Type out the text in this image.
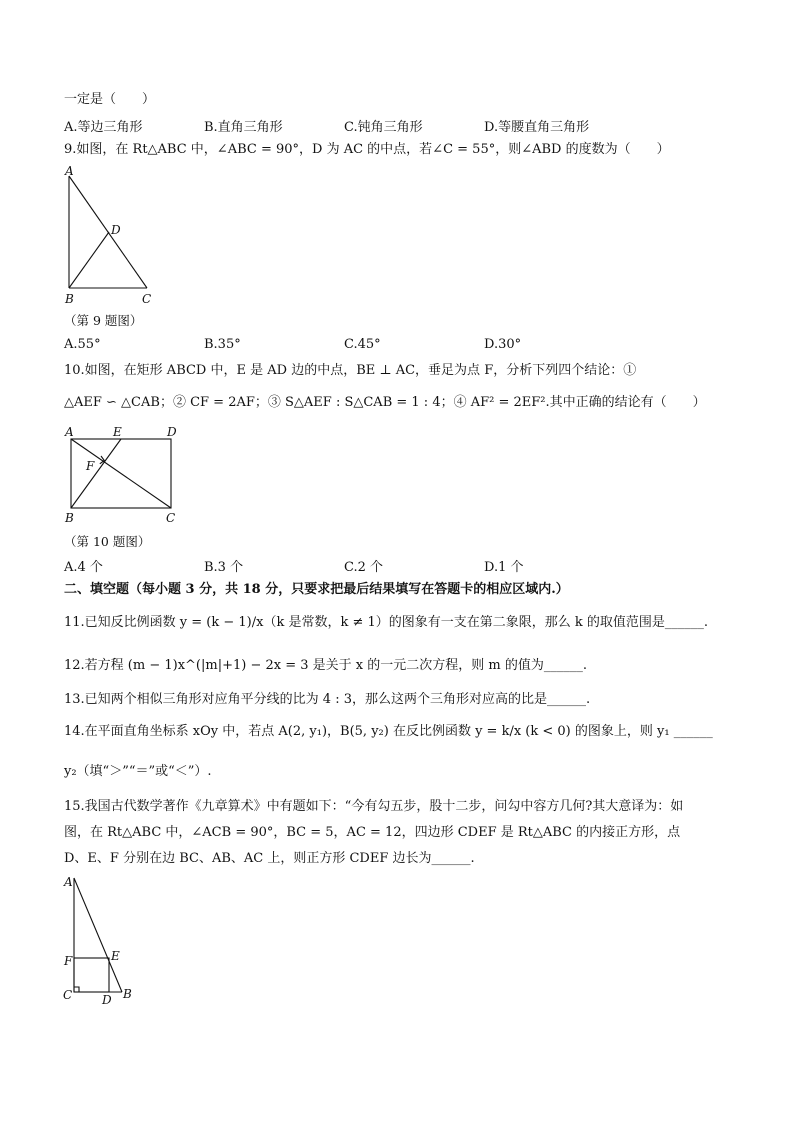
一定是（　　）
A.等边三角形	B.直角三角形	C.钝角三角形	D.等腰直角三角形
9.如图，在 Rt△ABC 中，∠ABC = 90°，D 为 AC 的中点，若∠C = 55°，则∠ABD 的度数为（　　）
A
D
B	C
（第 9 题图）
A.55°	B.35°	C.45°	D.30°
10.如图，在矩形 ABCD 中，E 是 AD 边的中点，BE ⊥ AC，垂足为点 F，分析下列四个结论：①
△AEF ∽ △CAB；② CF = 2AF；③ S△AEF : S△CAB = 1 : 4；④ AF² = 2EF².其中正确的结论有（　　）
A	E	D
F
B	C
（第 10 题图）
A.4 个	B.3 个	C.2 个	D.1 个
二、填空题（每小题 3 分，共 18 分，只要求把最后结果填写在答题卡的相应区域内.）
11.已知反比例函数 y = (k − 1)/x（k 是常数，k ≠ 1）的图象有一支在第二象限，那么 k 的取值范围是______.
12.若方程 (m − 1)x^(|m|+1) − 2x = 3 是关于 x 的一元二次方程，则 m 的值为______.
13.已知两个相似三角形对应角平分线的比为 4 : 3，那么这两个三角形对应高的比是______.
14.在平面直角坐标系 xOy 中，若点 A(2, y₁)，B(5, y₂) 在反比例函数 y = k/x (k < 0) 的图象上，则 y₁ ______
y₂（填“＞”“＝”或“＜”）.
15.我国古代数学著作《九章算术》中有题如下：“今有勾五步，股十二步，问勾中容方几何?其大意译为：如
图，在 Rt△ABC 中，∠ACB = 90°，BC = 5，AC = 12，四边形 CDEF 是 Rt△ABC 的内接正方形，点
D、E、F 分别在边 BC、AB、AC 上，则正方形 CDEF 边长为______.
A
F	E
C D B
